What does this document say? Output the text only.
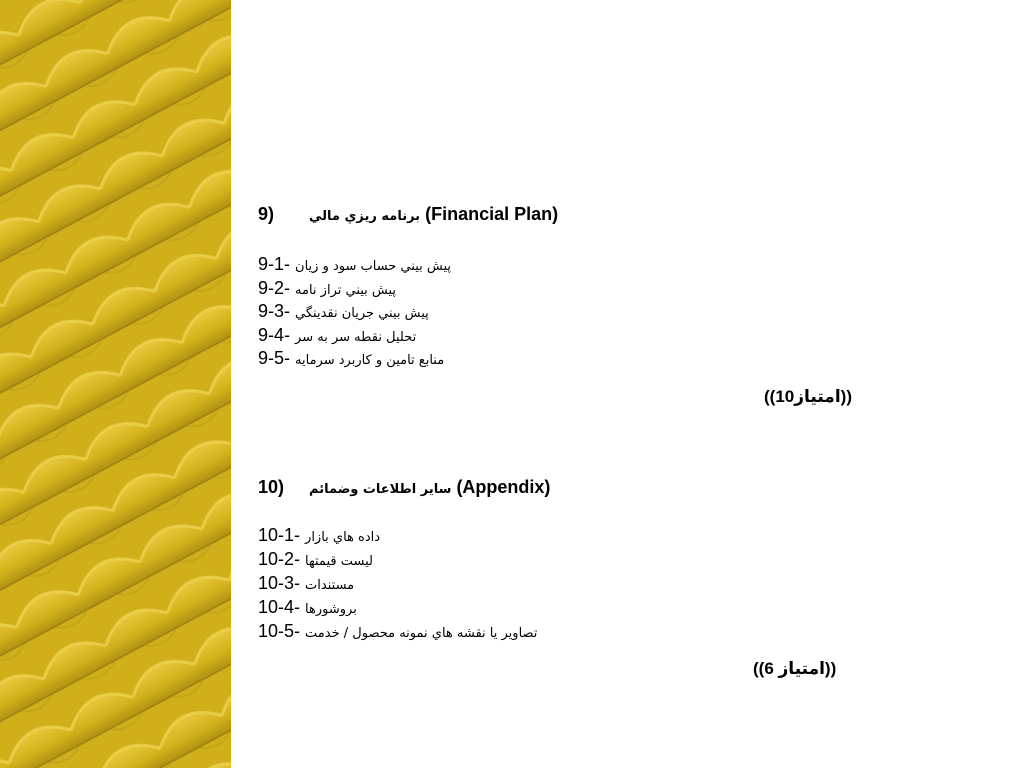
9)	برنامه ريزي مالي (Financial Plan)
9-1- پيش بيني حساب سود و زيان
9-2- پيش بيني تراز نامه
9-3- پيش بيني جريان نقدينگي
9-4- تحليل نقطه سر به سر
9-5- منابع تامين و كاربرد سرمايه
((امتياز10))
10) ساير اطلاعات وضمائم (Appendix)
10-1- داده هاي بازار
10-2- ليست قيمتها
10-3- مستندات
10-4- بروشورها
10-5- تصاوير يا نقشه هاي نمونه محصول / خدمت
((امتياز 6))
